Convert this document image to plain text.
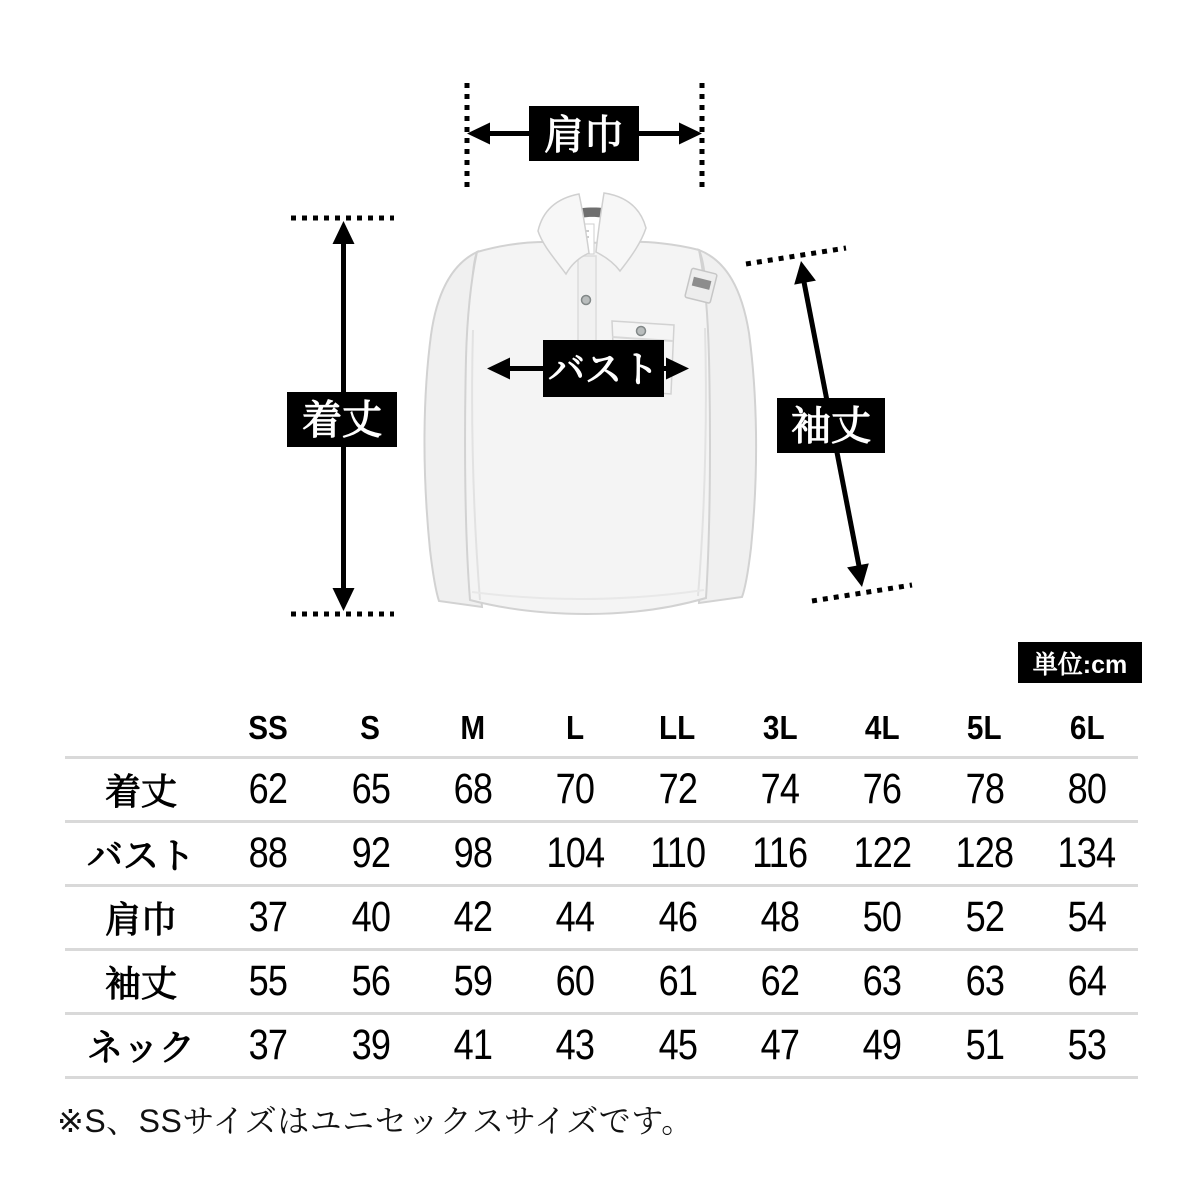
肩巾
着丈
バスト
袖丈
単位:cm
	SS	S	M	L	LL	3L	4L	5L	6L
着丈	62	65	68	70	72	74	76	78	80
バスト	88	92	98	104	110	116	122	128	134
肩巾	37	40	42	44	46	48	50	52	54
袖丈	55	56	59	60	61	62	63	63	64
ネック	37	39	41	43	45	47	49	51	53
※S、SSサイズはユニセックスサイズです。
